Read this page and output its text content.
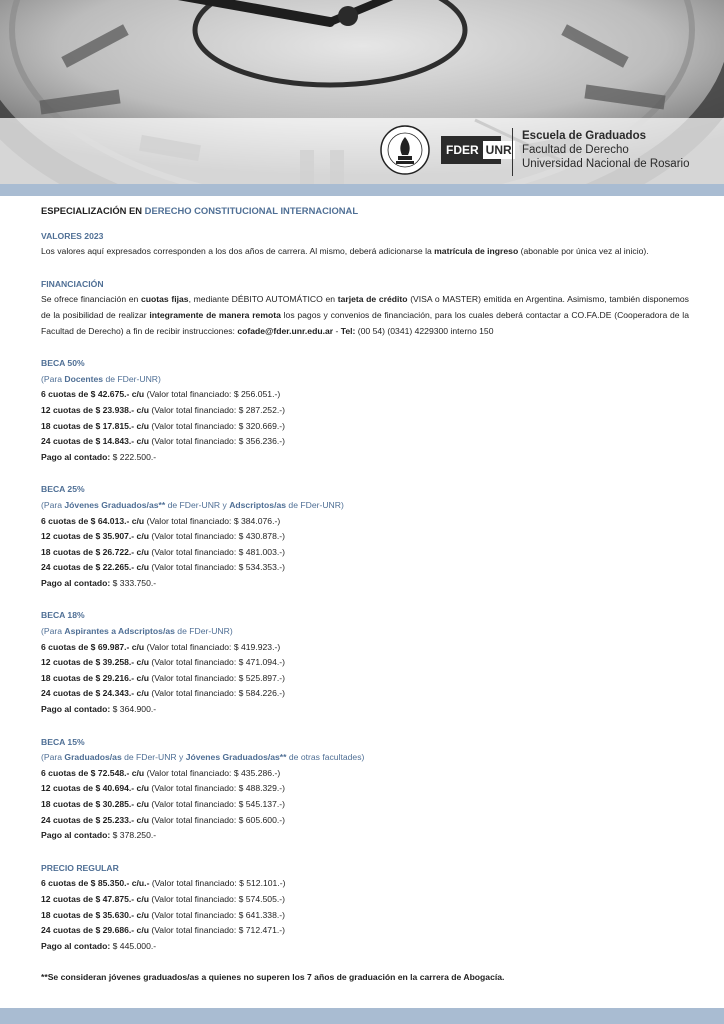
FDER UNR
Escuela de Graduados
Facultad de Derecho
Universidad Nacional de Rosario

ESPECIALIZACIÓN EN DERECHO CONSTITUCIONAL INTERNACIONAL

VALORES 2023

Los valores aquí expresados corresponden a los dos años de carrera. Al mismo, deberá adicionarse la matrícula de ingreso (abonable por única vez al inicio).

FINANCIACIÓN

Se ofrece financiación en cuotas fijas, mediante DÉBITO AUTOMÁTICO en tarjeta de crédito (VISA o MASTER) emitida en Argentina. Asimismo, también disponemos de la posibilidad de realizar integramente de manera remota los pagos y convenios de financiación, para los cuales deberá contactar a CO.FA.DE (Cooperadora de la Facultad de Derecho) a fin de recibir instrucciones: cofade@fder.unr.edu.ar - Tel: (00 54) (0341) 4229300 interno 150

BECA 50%

(Para Docentes de FDer-UNR)

6 cuotas de $ 42.675.- c/u (Valor total financiado: $ 256.051.-)

12 cuotas de $ 23.938.- c/u (Valor total financiado: $ 287.252.-)

18 cuotas de $ 17.815.- c/u (Valor total financiado: $ 320.669.-)

24 cuotas de $ 14.843.- c/u (Valor total financiado: $ 356.236.-)

Pago al contado: $ 222.500.-

BECA 25%

(Para Jóvenes Graduados/as** de FDer-UNR y Adscriptos/as de FDer-UNR)

6 cuotas de $ 64.013.- c/u (Valor total financiado: $ 384.076.-)

12 cuotas de $ 35.907.- c/u (Valor total financiado: $ 430.878.-)

18 cuotas de $ 26.722.- c/u (Valor total financiado: $ 481.003.-)

24 cuotas de $ 22.265.- c/u (Valor total financiado: $ 534.353.-)

Pago al contado: $ 333.750.-

BECA 18%

(Para Aspirantes a Adscriptos/as de FDer-UNR)

6 cuotas de $ 69.987.- c/u (Valor total financiado: $ 419.923.-)

12 cuotas de $ 39.258.- c/u (Valor total financiado: $ 471.094.-)

18 cuotas de $ 29.216.- c/u (Valor total financiado: $ 525.897.-)

24 cuotas de $ 24.343.- c/u (Valor total financiado: $ 584.226.-)

Pago al contado: $ 364.900.-

BECA 15%

(Para Graduados/as de FDer-UNR y Jóvenes Graduados/as** de otras facultades)

6 cuotas de $ 72.548.- c/u (Valor total financiado: $ 435.286.-)

12 cuotas de $ 40.694.- c/u (Valor total financiado: $ 488.329.-)

18 cuotas de $ 30.285.- c/u (Valor total financiado: $ 545.137.-)

24 cuotas de $ 25.233.- c/u (Valor total financiado: $ 605.600.-)

Pago al contado: $ 378.250.-

PRECIO REGULAR

6 cuotas de $ 85.350.- c/u.- (Valor total financiado: $ 512.101.-)

12 cuotas de $ 47.875.- c/u (Valor total financiado: $ 574.505.-)

18 cuotas de $ 35.630.- c/u (Valor total financiado: $ 641.338.-)

24 cuotas de $ 29.686.- c/u (Valor total financiado: $ 712.471.-)

Pago al contado: $ 445.000.-

**Se consideran jóvenes graduados/as a quienes no superen los 7 años de graduación en la carrera de Abogacía.
